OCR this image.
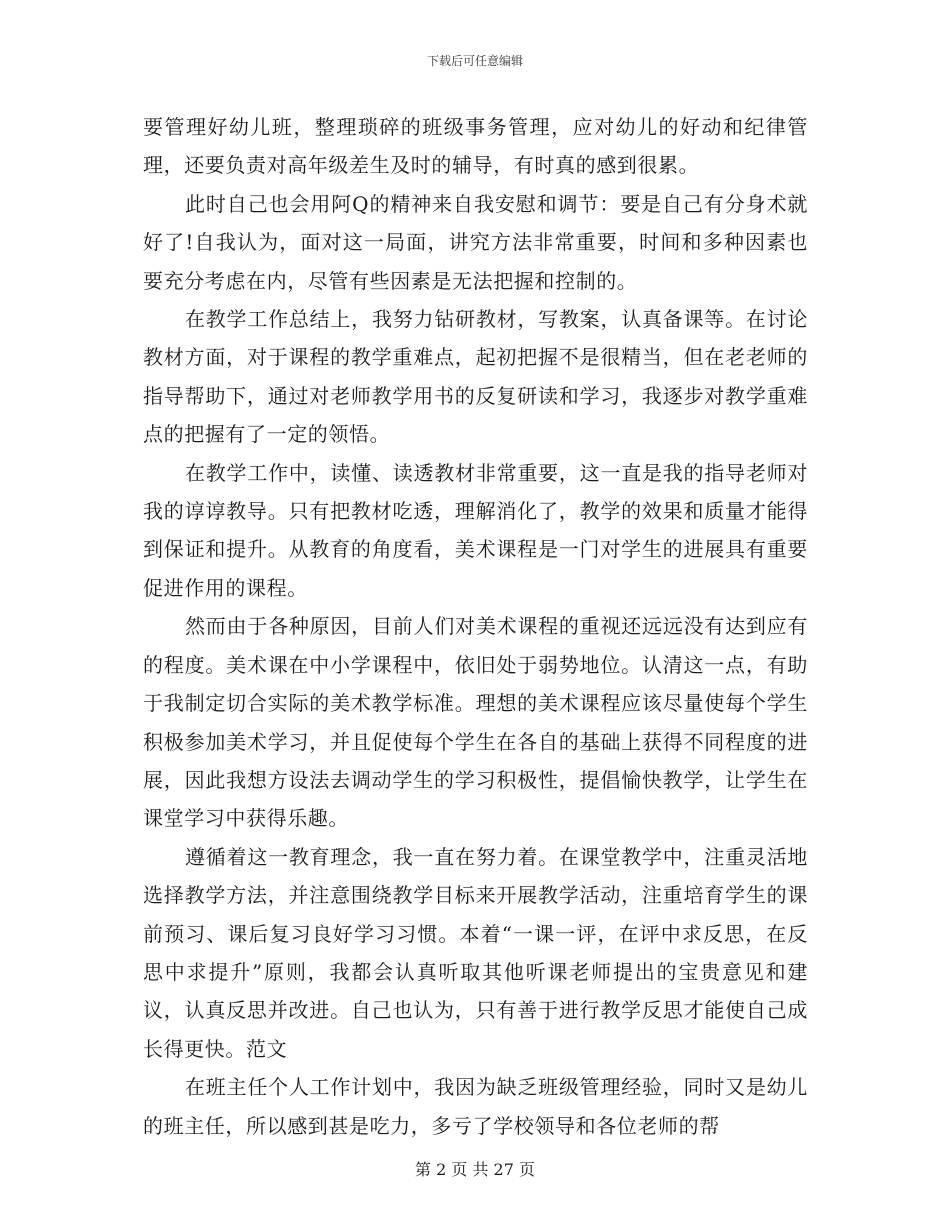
下载后可任意编辑

要管理好幼儿班，整理琐碎的班级事务管理，应对幼儿的好动和纪律管理，还要负责对高年级差生及时的辅导，有时真的感到很累。

此时自己也会用阿Q的精神来自我安慰和调节：要是自己有分身术就好了!自我认为，面对这一局面，讲究方法非常重要，时间和多种因素也要充分考虑在内，尽管有些因素是无法把握和控制的。

在教学工作总结上，我努力钻研教材，写教案，认真备课等。在讨论教材方面，对于课程的教学重难点，起初把握不是很精当，但在老老师的指导帮助下，通过对老师教学用书的反复研读和学习，我逐步对教学重难点的把握有了一定的领悟。

在教学工作中，读懂、读透教材非常重要，这一直是我的指导老师对我的谆谆教导。只有把教材吃透，理解消化了，教学的效果和质量才能得到保证和提升。从教育的角度看，美术课程是一门对学生的进展具有重要促进作用的课程。

然而由于各种原因，目前人们对美术课程的重视还远远没有达到应有的程度。美术课在中小学课程中，依旧处于弱势地位。认清这一点，有助于我制定切合实际的美术教学标准。理想的美术课程应该尽量使每个学生积极参加美术学习，并且促使每个学生在各自的基础上获得不同程度的进展，因此我想方设法去调动学生的学习积极性，提倡愉快教学，让学生在课堂学习中获得乐趣。

遵循着这一教育理念，我一直在努力着。在课堂教学中，注重灵活地选择教学方法，并注意围绕教学目标来开展教学活动，注重培育学生的课前预习、课后复习良好学习习惯。本着“一课一评，在评中求反思，在反思中求提升”原则，我都会认真听取其他听课老师提出的宝贵意见和建议，认真反思并改进。自己也认为，只有善于进行教学反思才能使自己成长得更快。范文

在班主任个人工作计划中，我因为缺乏班级管理经验，同时又是幼儿的班主任，所以感到甚是吃力，多亏了学校领导和各位老师的帮

第 2 页 共 27 页
